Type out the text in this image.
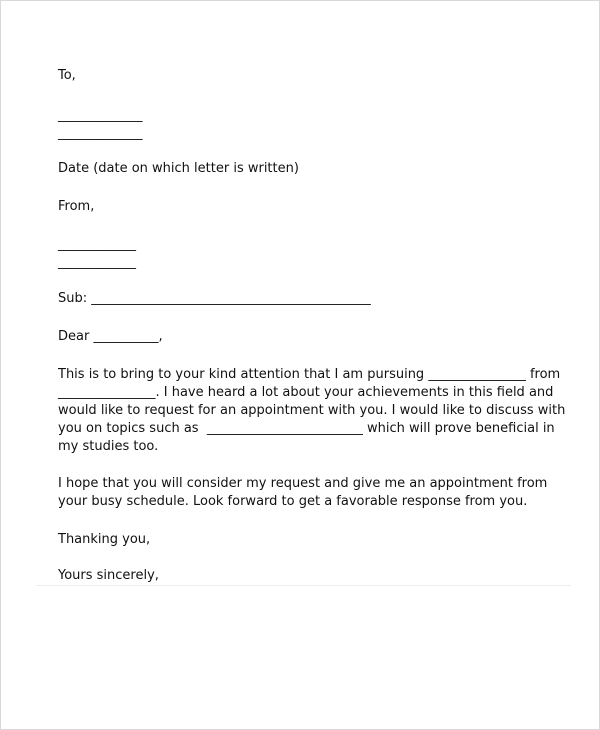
To,
_____________
_____________
Date (date on which letter is written)
From,
____________
____________
Sub: ___________________________________________
Dear __________,
This is to bring to your kind attention that I am pursuing _______________ from
_______________. I have heard a lot about your achievements in this field and
would like to request for an appointment with you. I would like to discuss with
you on topics such as  ________________________ which will prove beneficial in
my studies too.
I hope that you will consider my request and give me an appointment from
your busy schedule. Look forward to get a favorable response from you.
Thanking you,
Yours sincerely,
